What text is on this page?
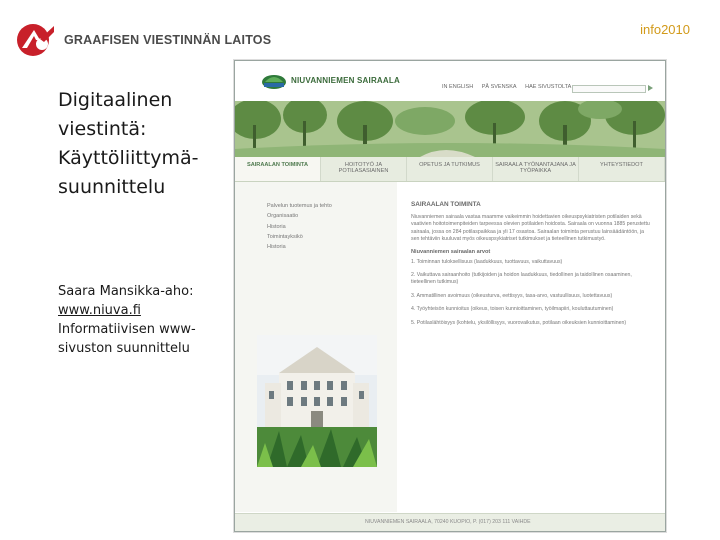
GRAAFISEN VIESTINNÄN LAITOS
info2010
Digitaalinen viestintä: Käyttöliittymä-suunnittelu
Saara Mansikka-aho:
www.niuva.fi
Informatiivisen www-sivuston suunnittelu
NIUVANNIEMEN SAIRAALA
IN ENGLISH PÅ SVENSKA HAE SIVUSTOLTA
SAIRAALAN TOIMINTA	HOITOTYÖ JA POTILASASIAINEN
OPETUS JA TUTKIMUS	SAIRAALA TYÖNANTAJANA JA TYÖPAIKKA
YHTEYSTIEDOT
Palvelun tuotemus ja tehto
Organisaatio
Historia
Toimintayksikö
Historia
SAIRAALAN TOIMINTA

Niuvanniemen sairaala vastaa maamme vaikeimmin hoidettavien oikeuspsykiatristen potilaiden sekä vaativien hoitotoimenpiteiden tarpeessa olevien potilaiden hoidosta. Sairaala on vuonna 1885 perustettu sairaala, jossa on 284 potilaspaikkaa ja yli 17 osastoa. Sairaalan toiminta perustuu lainsäädäntöön, ja sen tehtäviin kuuluvat myös oikeuspsykiatriset tutkimukset ja tieteellinen tutkimustyö.

Niuvanniemen sairaalan arvot
1. Toiminnan tuloksellisuus (laadukkuus, tuottavuus, vaikuttavuus)
2. Vaikuttava sairaanhoito (tutkijoiden ja hoidon laadukkuus, tiedollinen ja taidollinen osaaminen, tieteellinen tutkimus)
3. Ammatillinen avoimuus (oikeusturva, eettisyys, tasa-arvo, vastuullisuus, luotettavuus)
4. Työyhteisön kunnioitus (oikeus, toisen kunnioittaminen, työilmapiiri, kouluttautuminen)
5. Potilaslähtöisyys (kohtelu, yksilöllisyys, vuorovaikutus, potilaan oikeuksien kunnioittaminen)
NIUVANNIEMEN SAIRAALA, 70240 KUOPIO, P. (017) 203 111 VAIHDE
